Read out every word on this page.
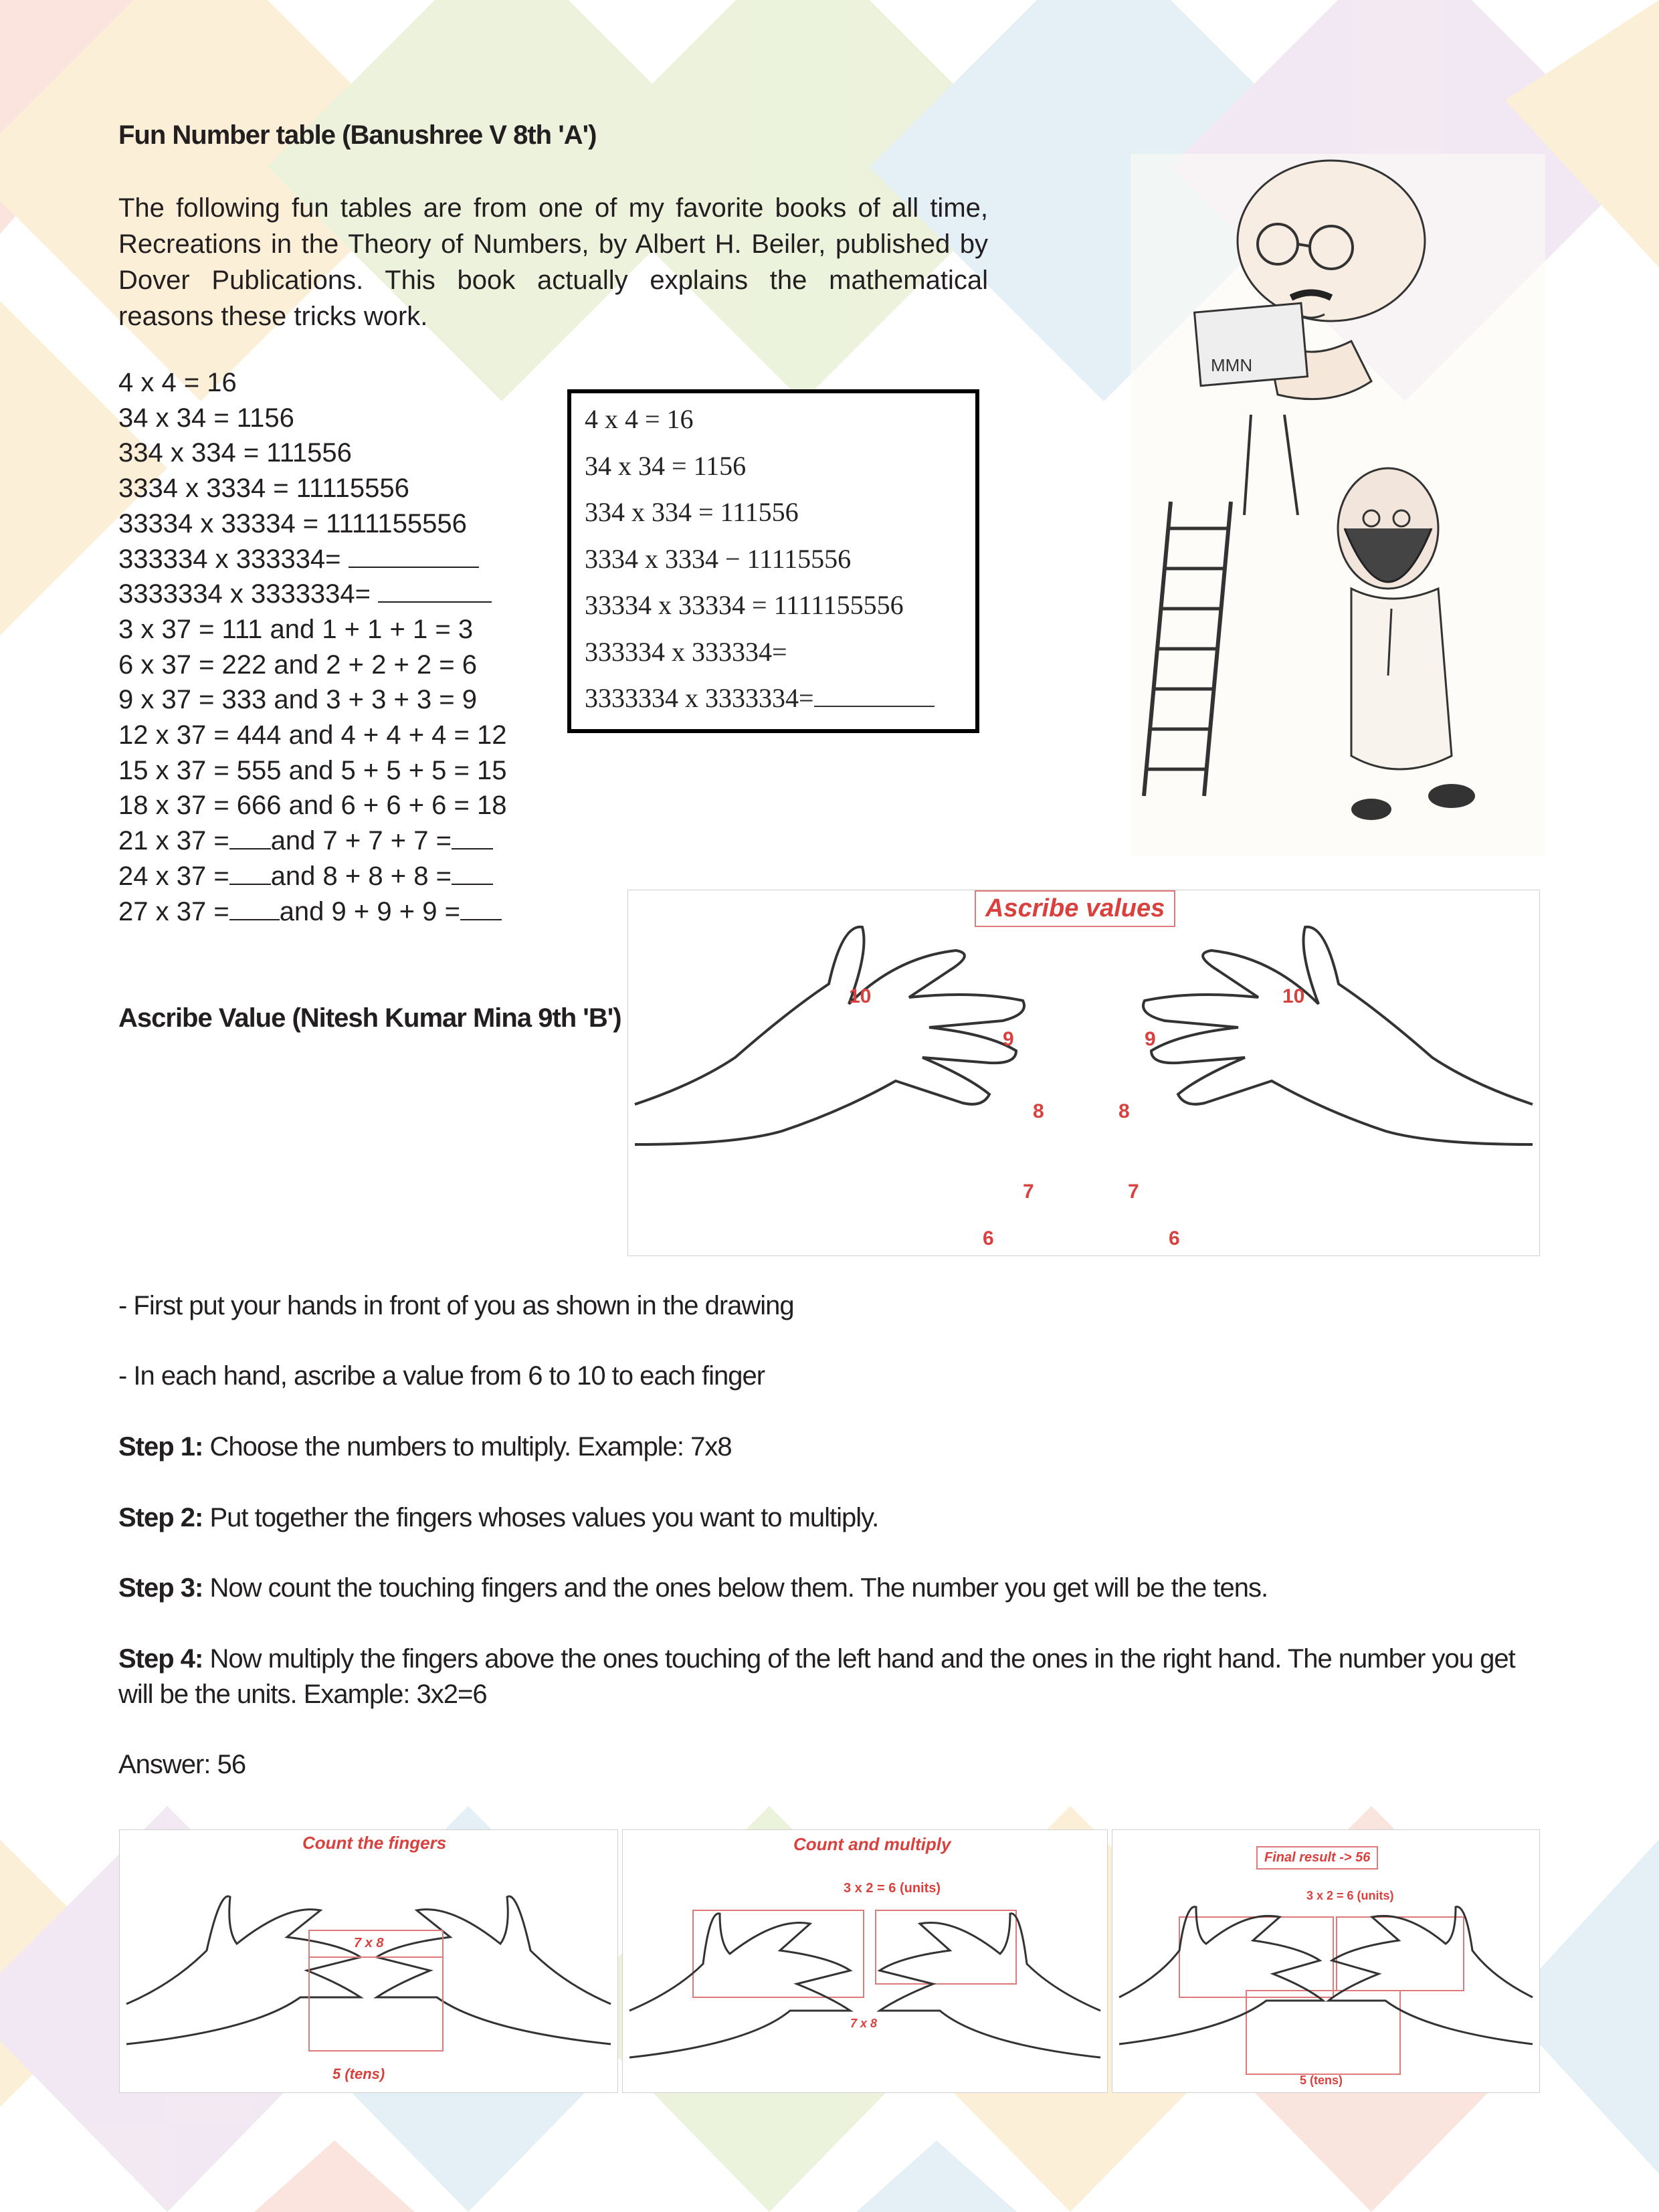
Fun Number table (Banushree V 8th 'A')
The following fun tables are from one of my favorite books of all time, Recreations in the Theory of Numbers, by Albert H. Beiler, published by Dover Publications. This book actually explains the mathematical reasons these tricks work.
4 x 4 = 16
34 x 34 = 1156
334 x 334 = 111556
3334 x 3334 = 11115556
33334 x 33334 = 1111155556
333334 x 333334=
3333334 x 3333334=
3 x 37 = 111 and 1 + 1 + 1 = 3
6 x 37 = 222 and 2 + 2 + 2 = 6
9 x 37 = 333 and 3 + 3 + 3 = 9
12 x 37 = 444 and 4 + 4 + 4 = 12
15 x 37 = 555 and 5 + 5 + 5 = 15
18 x 37 = 666 and 6 + 6 + 6 = 18
21 x 37 = and 7 + 7 + 7 =
24 x 37 = and 8 + 8 + 8 =
27 x 37 = and 9 + 9 + 9 =
4 x 4 = 16
34 x 34 = 1156
334 x 334 = 111556
3334 x 3334 − 11115556
33334 x 33334 = 1111155556
333334 x 333334=
3333334 x 3333334=
MMN
Ascribe Value (Nitesh Kumar Mina 9th 'B')
Ascribe values
10
9
8
7
6
10
9
8
7
6
- First put your hands in front of you as shown in the drawing
- In each hand, ascribe a value from 6 to 10 to each finger
Step 1: Choose the numbers to multiply. Example: 7x8
Step 2: Put together the fingers whoses values you want to multiply.
Step 3: Now count the touching fingers and the ones below them. The number you get will be the tens.
Step 4: Now multiply the fingers above the ones touching of the left hand and the ones in the right hand. The number you get will be the units. Example: 3x2=6
Answer: 56
Count the fingers
7 x 8
5 (tens)
Count and multiply
3 x 2 = 6 (units)
7 x 8
Final result -> 56
3 x 2 = 6 (units)
5 (tens)
